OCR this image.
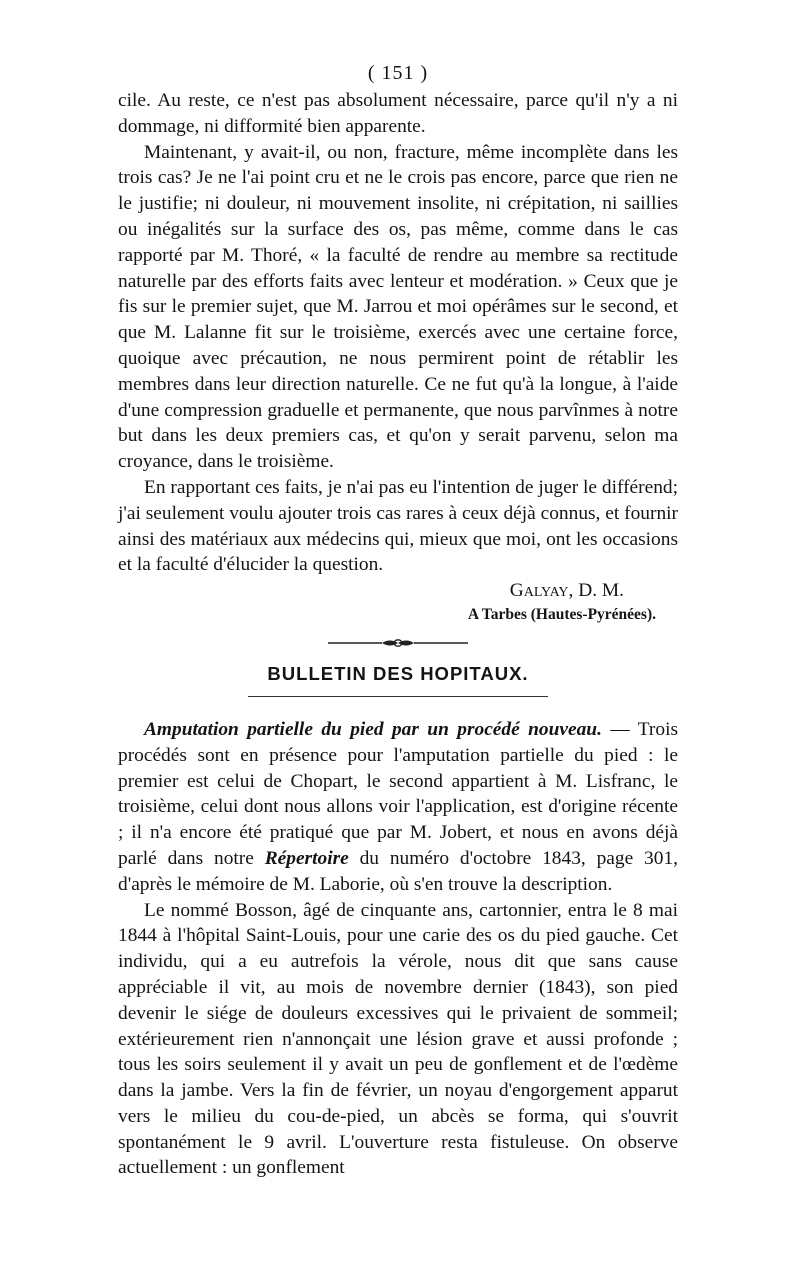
( 151 )

cile. Au reste, ce n'est pas absolument nécessaire, parce qu'il n'y a ni dommage, ni difformité bien apparente.

Maintenant, y avait-il, ou non, fracture, même incomplète dans les trois cas? Je ne l'ai point cru et ne le crois pas encore, parce que rien ne le justifie; ni douleur, ni mouvement insolite, ni crépitation, ni saillies ou inégalités sur la surface des os, pas même, comme dans le cas rapporté par M. Thoré, « la faculté de rendre au membre sa rectitude naturelle par des efforts faits avec lenteur et modération. » Ceux que je fis sur le premier sujet, que M. Jarrou et moi opérâmes sur le second, et que M. Lalanne fit sur le troisième, exercés avec une certaine force, quoique avec précaution, ne nous permirent point de rétablir les membres dans leur direction naturelle. Ce ne fut qu'à la longue, à l'aide d'une compression graduelle et permanente, que nous parvînmes à notre but dans les deux premiers cas, et qu'on y serait parvenu, selon ma croyance, dans le troisième.

En rapportant ces faits, je n'ai pas eu l'intention de juger le différend; j'ai seulement voulu ajouter trois cas rares à ceux déjà connus, et fournir ainsi des matériaux aux médecins qui, mieux que moi, ont les occasions et la faculté d'élucider la question.

Galyay, D. M.
A Tarbes (Hautes-Pyrénées).
BULLETIN DES HOPITAUX.

Amputation partielle du pied par un procédé nouveau. — Trois procédés sont en présence pour l'amputation partielle du pied : le premier est celui de Chopart, le second appartient à M. Lisfranc, le troisième, celui dont nous allons voir l'application, est d'origine récente ; il n'a encore été pratiqué que par M. Jobert, et nous en avons déjà parlé dans notre Répertoire du numéro d'octobre 1843, page 301, d'après le mémoire de M. Laborie, où s'en trouve la description.

Le nommé Bosson, âgé de cinquante ans, cartonnier, entra le 8 mai 1844 à l'hôpital Saint-Louis, pour une carie des os du pied gauche. Cet individu, qui a eu autrefois la vérole, nous dit que sans cause appréciable il vit, au mois de novembre dernier (1843), son pied devenir le siége de douleurs excessives qui le privaient de sommeil; extérieurement rien n'annonçait une lésion grave et aussi profonde ; tous les soirs seulement il y avait un peu de gonflement et de l'œdème dans la jambe. Vers la fin de février, un noyau d'engorgement apparut vers le milieu du cou-de-pied, un abcès se forma, qui s'ouvrit spontanément le 9 avril. L'ouverture resta fistuleuse. On observe actuellement : un gonflement
